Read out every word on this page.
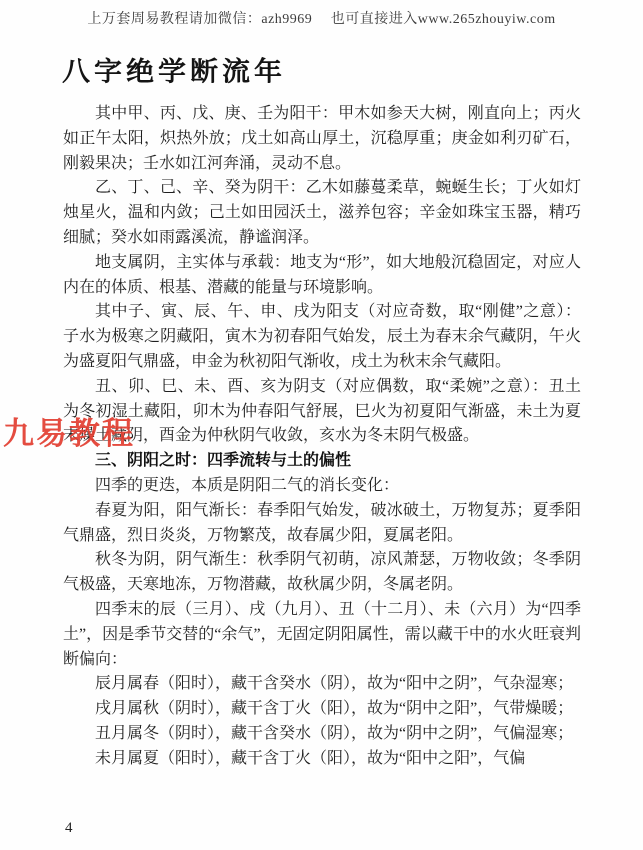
上万套周易教程请加微信：azh9969　 也可直接进入www.265zhouyiw.com
八字绝学断流年

其中甲、丙、戊、庚、壬为阳干：甲木如参天大树，刚直向上；丙火如正午太阳，炽热外放；戊土如高山厚土，沉稳厚重；庚金如利刃矿石，刚毅果决；壬水如江河奔涌，灵动不息。

乙、丁、己、辛、癸为阴干：乙木如藤蔓柔草，蜿蜒生长；丁火如灯烛星火，温和内敛；己土如田园沃土，滋养包容；辛金如珠宝玉器，精巧细腻；癸水如雨露溪流，静谧润泽。

地支属阴，主实体与承载：地支为“形”，如大地般沉稳固定，对应人内在的体质、根基、潜藏的能量与环境影响。

其中子、寅、辰、午、申、戌为阳支（对应奇数，取“刚健”之意）：子水为极寒之阴藏阳，寅木为初春阳气始发，辰土为春末余气藏阴，午火为盛夏阳气鼎盛，申金为秋初阳气渐收，戌土为秋末余气藏阳。

丑、卯、巳、未、酉、亥为阴支（对应偶数，取“柔婉”之意）：丑土为冬初湿土藏阳，卯木为仲春阳气舒展，巳火为初夏阳气渐盛，未土为夏末燥土藏阴，酉金为仲秋阴气收敛，亥水为冬末阴气极盛。

三、阴阳之时：四季流转与土的偏性

四季的更迭，本质是阴阳二气的消长变化：

春夏为阳，阳气渐长：春季阳气始发，破冰破土，万物复苏；夏季阳气鼎盛，烈日炎炎，万物繁茂，故春属少阳，夏属老阳。

秋冬为阴，阴气渐生：秋季阴气初萌，凉风萧瑟，万物收敛；冬季阴气极盛，天寒地冻，万物潜藏，故秋属少阴，冬属老阴。

四季末的辰（三月）、戌（九月）、丑（十二月）、未（六月）为“四季土”，因是季节交替的“余气”，无固定阴阳属性，需以藏干中的水火旺衰判断偏向：

辰月属春（阳时），藏干含癸水（阴），故为“阳中之阴”，气杂湿寒；

戌月属秋（阴时），藏干含丁火（阳），故为“阴中之阳”，气带燥暖；

丑月属冬（阴时），藏干含癸水（阴），故为“阴中之阴”，气偏湿寒；

未月属夏（阳时），藏干含丁火（阳），故为“阳中之阳”，气偏

九易教程
4
